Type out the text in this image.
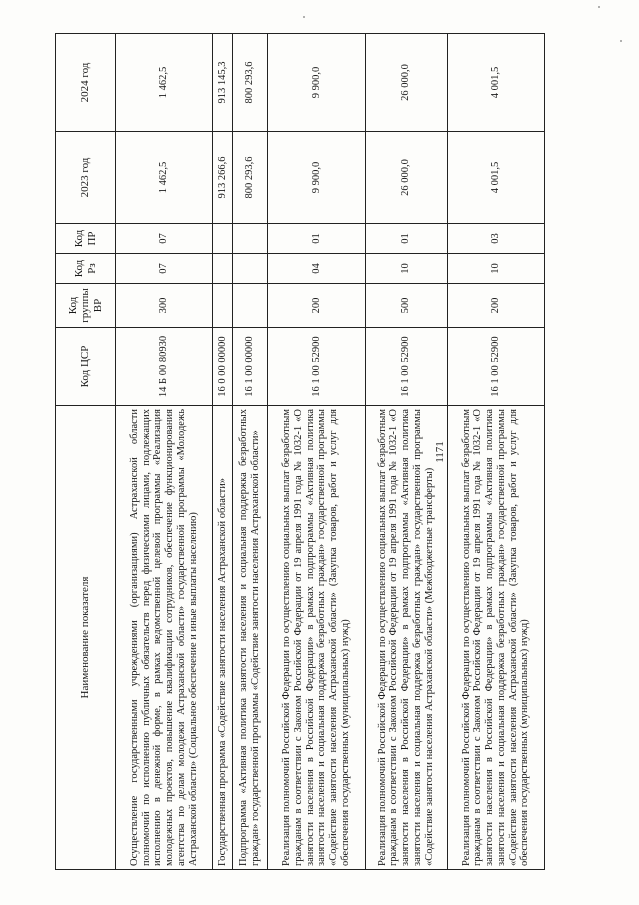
1171
Наименование показателя	Код ЦСР	Код группы ВР	Код Рз	Код ПР	2023 год	2024 год
Осуществление государственными учреждениями (организациями) Астраханской области полномочий по исполнению публичных обязательств перед физическими лицами, подлежащих исполнению в денежной форме, в рамках ведомственной целевой программы «Реализация молодежных проектов, повышение квалификации сотрудников, обеспечение функционирования агентства по делам молодежи Астраханской области» государственной программы «Молодежь Астраханской области» (Социальное обеспечение и иные выплаты населению)	14 Б 00 80930	300	07	07	1 462,5	1 462,5
Государственная программа «Содействие занятости населения Астраханской области»	16 0 00 00000				913 266,6	913 145,3
Подпрограмма «Активная политика занятости населения и социальная поддержка безработных граждан» государственной программы «Содействие занятости населения Астраханской области»	16 1 00 00000				800 293,6	800 293,6
Реализация полномочий Российской Федерации по осуществлению социальных выплат безработным гражданам в соответствии с Законом Российской Федерации от 19 апреля 1991 года № 1032-1 «О занятости населения в Российской Федерации» в рамках подпрограммы «Активная политика занятости населения и социальная поддержка безработных граждан» государственной программы «Содействие занятости населения Астраханской области» (Закупка товаров, работ и услуг для обеспечения государственных (муниципальных) нужд)	16 1 00 52900	200	04	01	9 900,0	9 900,0
Реализация полномочий Российской Федерации по осуществлению социальных выплат безработным гражданам в соответствии с Законом Российской Федерации от 19 апреля 1991 года № 1032-1 «О занятости населения в Российской Федерации» в рамках подпрограммы «Активная политика занятости населения и социальная поддержка безработных граждан» государственной программы «Содействие занятости населения Астраханской области» (Межбюджетные трансферты)	16 1 00 52900	500	10	01	26 000,0	26 000,0
Реализация полномочий Российской Федерации по осуществлению социальных выплат безработным гражданам в соответствии с Законом Российской Федерации от 19 апреля 1991 года № 1032-1 «О занятости населения в Российской Федерации» в рамках подпрограммы «Активная политика занятости населения и социальная поддержка безработных граждан» государственной программы «Содействие занятости населения Астраханской области» (Закупка товаров, работ и услуг для обеспечения государственных (муниципальных) нужд)	16 1 00 52900	200	10	03	4 001,5	4 001,5
